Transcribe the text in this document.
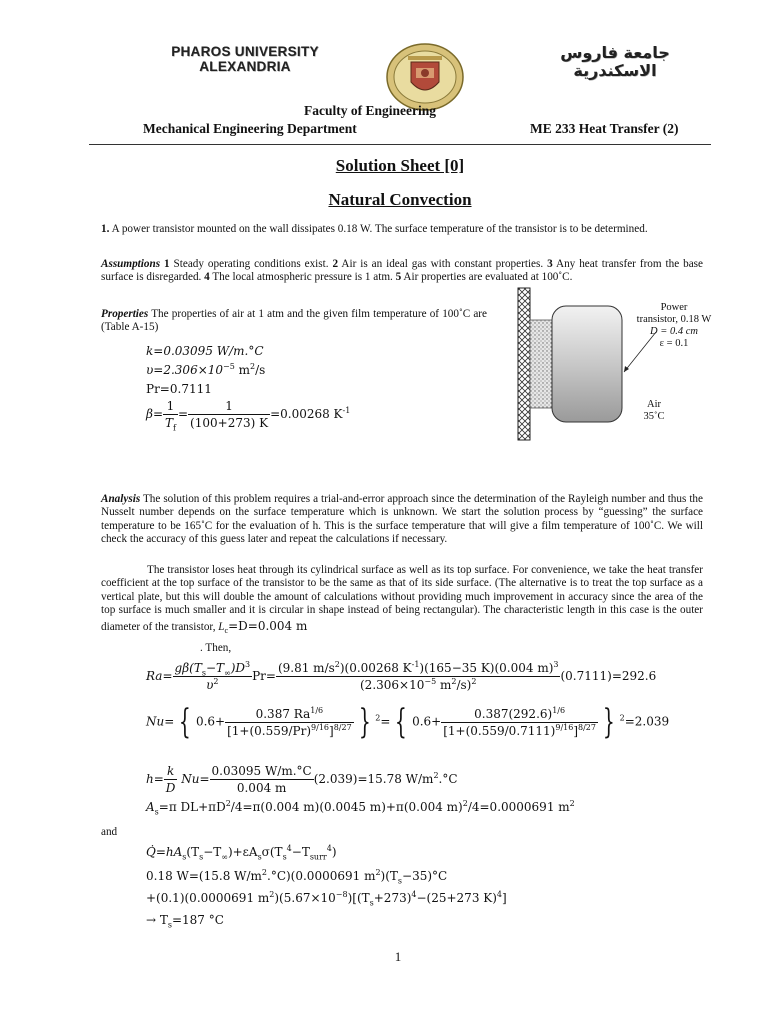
PHAROS UNIVERSITY
ALEXANDRIA
جامعة فاروس
الاسكندرية
Faculty of Engineering
Mechanical Engineering Department	ME 233 Heat Transfer (2)
Solution Sheet [0]
Natural Convection
1. A power transistor mounted on the wall dissipates 0.18 W. The surface temperature of the transistor is to be determined.
Assumptions 1 Steady operating conditions exist. 2 Air is an ideal gas with constant properties. 3 Any heat transfer from the base surface is disregarded. 4 The local atmospheric pressure is 1 atm. 5 Air properties are evaluated at 100˚C.
Properties The properties of air at 1 atm and the given film temperature of 100˚C are (Table A-15)
k=0.03095 W/m.°C
$\upsilon=2.306\times 10^{-5}$ $m^2/s$
Pr=0.7111
$\beta= \frac{1}{T_f} = \frac{1}{(100+273) K} =0.00268$ $K^{-1}$
Power
transistor, 0.18 W
D = 0.4 cm
ε = 0.1
Air
35˚C
Analysis The solution of this problem requires a trial-and-error approach since the determination of the Rayleigh number and thus the Nusselt number depends on the surface temperature which is unknown. We start the solution process by “guessing” the surface temperature to be 165˚C for the evaluation of h. This is the surface temperature that will give a film temperature of 100˚C. We will check the accuracy of this guess later and repeat the calculations if necessary.
The transistor loses heat through its cylindrical surface as well as its top surface. For convenience, we take the heat transfer coefficient at the top surface of the transistor to be the same as that of its side surface. (The alternative is to treat the top surface as a vertical plate, but this will double the amount of calculations without providing much improvement in accuracy since the area of the top surface is much smaller and it is circular in shape instead of being rectangular). The characteristic length in this case is the outer diameter of the transistor, $L_c=D=0.004$ m
. Then,
$Ra= \frac{g\beta(T_s-T_\infty)D^3}{\upsilon^2} Pr= \frac{(9.81 m/s^2)(0.00268 K^{-1})(165-35 K)(0.004 m)^3}{(2.306\times 10^{-5} m^2/s)^2} (0.7111)=292.6$
Nu= { $0.6+ \frac{0.387 Ra^{1/6}}{[1+(0.559/Pr)^{9/16}]^{8/27}}$ } $^2$= { $0.6+ \frac{0.387(292.6)^{1/6}}{[1+(0.559/0.7111)^{9/16}]^{8/27}}$ } $^2$=2.039
$h= \frac{k}{D} Nu= \frac{0.03095 W/m.^\circ C}{0.004 m} (2.039)=15.78$ $W/m^2.^\circ C$
$A_s=\pi$ $DL+\pi D^2/4=\pi(0.004$ m)(0.0045 m)+π(0.004 m)$^2$/4=0.0000691 $m^2$
and
$Q̇=hA_s(T_s-T_\infty)+\varepsilon A_s\sigma(T_s^4-T_{surr}^4)$
0.18 W=(15.8 $W/m^2.^\circ C)(0.0000691$ $m^2)(T_s-35)^\circ C$
+(0.1)(0.0000691 $m^2)(5.67\times 10^{-8})[(T_s+273)^4-(25+273$ K)$^4$]
→ $T_s=187$ °C
1
